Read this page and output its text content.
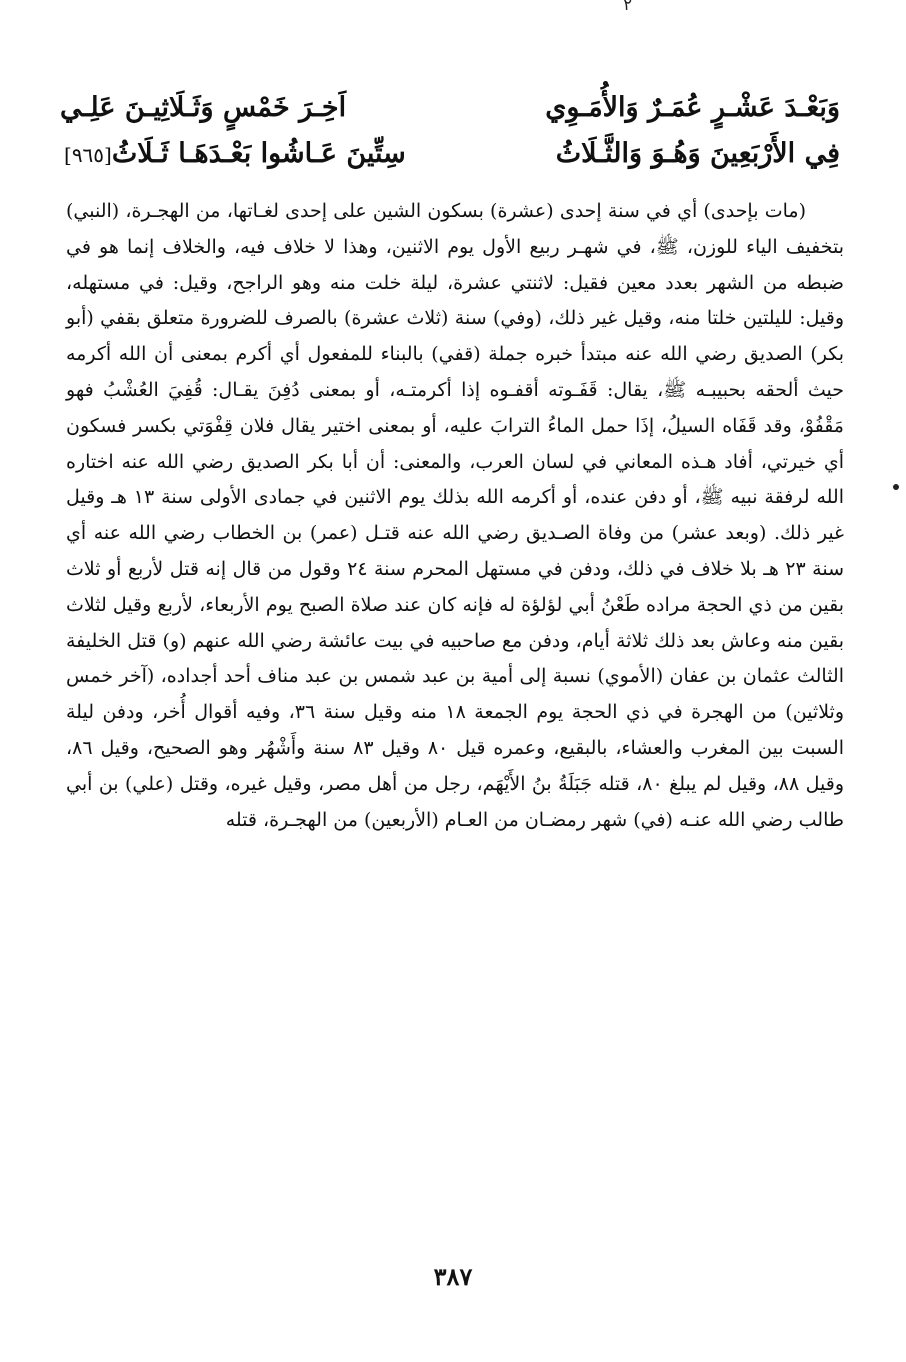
٢
وَبَعْـدَ عَشْـرٍ عُمَـرٌ وَالأُمَـوِي
اَخِـرَ خَمْسٍ وَثَـلَاثِيـنَ عَلِـي
فِي الأَرْبَعِينَ وَهُـوَ وَالثَّـلَاثُ
سِتِّينَ عَـاشُوا بَعْـدَهَـا ثَـلَاثُ[٩٦٥]

(مات بإحدى) أي في سنة إحدى (عشرة) بسكون الشين على إحدى لغـاتها، من الهجـرة، (النبي) بتخفيف الياء للوزن، ﷺ، في شهـر ربيع الأول يوم الاثنين، وهذا لا خلاف فيه، والخلاف إنما هو في ضبطه من الشهر بعدد معين فقيل: لاثنتي عشرة، ليلة خلت منه وهو الراجح، وقيل: في مستهله، وقيل: لليلتين خلتا منه، وقيل غير ذلك، (وفي) سنة (ثلاث عشرة) بالصرف للضرورة متعلق بقفي (أبو بكر) الصديق رضي الله عنه مبتدأ خبره جملة (قفي) بالبناء للمفعول أي أكرم بمعنى أن الله أكرمه حيث ألحقه بحبيبـه ﷺ، يقال: قَفَـوته أقفـوه إذا أكرمتـه، أو بمعنى دُفِنَ يقـال: قُفِيَ العُشْبُ فهو مَقْفُوْ، وقد قَفَاه السيلُ، إذَا حمل الماءُ الترابَ عليه، أو بمعنى اختير يقال فلان قِفْوَتي بكسر فسكون أي خيرتي، أفاد هـذه المعاني في لسان العرب، والمعنى: أن أبا بكر الصديق رضي الله عنه اختاره الله لرفقة نبيه ﷺ، أو دفن عنده، أو أكرمه الله بذلك يوم الاثنين في جمادى الأولى سنة ١٣ هـ وقيل غير ذلك. (وبعد عشر) من وفاة الصـديق رضي الله عنه قتـل (عمر) بن الخطاب رضي الله عنه أي سنة ٢٣ هـ بلا خلاف في ذلك، ودفن في مستهل المحرم سنة ٢٤ وقول من قال إنه قتل لأربع أو ثلاث بقين من ذي الحجة مراده طَعْنُ أبي لؤلؤة له فإنه كان عند صلاة الصبح يوم الأربعاء، لأربع وقيل لثلاث بقين منه وعاش بعد ذلك ثلاثة أيام، ودفن مع صاحبيه في بيت عائشة رضي الله عنهم (و) قتل الخليفة الثالث عثمان بن عفان (الأموي) نسبة إلى أمية بن عبد شمس بن عبد مناف أحد أجداده، (آخر خمس وثلاثين) من الهجرة في ذي الحجة يوم الجمعة ١٨ منه وقيل سنة ٣٦، وفيه أقوال أُخر، ودفن ليلة السبت بين المغرب والعشاء، بالبقيع، وعمره قيل ٨٠ وقيل ٨٣ سنة وأَشْهُر وهو الصحيح، وقيل ٨٦، وقيل ٨٨، وقيل لم يبلغ ٨٠، قتله جَبَلَةُ بنُ الأَيْهَم، رجل من أهل مصر، وقيل غيره، وقتل (علي) بن أبي طالب رضي الله عنـه (في) شهر رمضـان من العـام (الأربعين) من الهجـرة، قتله

٣٨٧
